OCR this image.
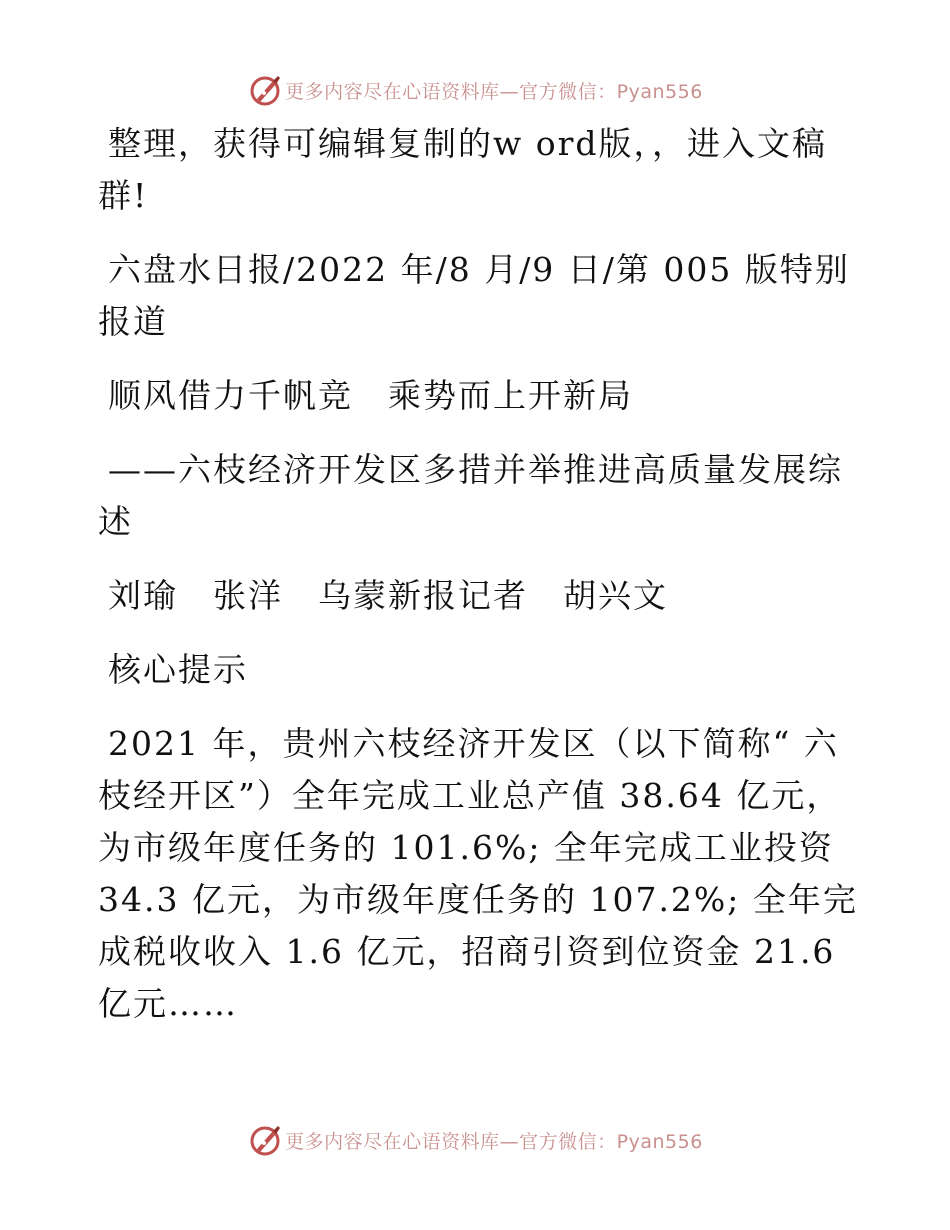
更多内容尽在心语资料库—官方微信：Pyan556

整理，获得可编辑复制的w ord版，，进入文稿群!

六盘水日报/2022 年/8 月/9 日/第 005 版特别报道

顺风借力千帆竞　乘势而上开新局

——六枝经济开发区多措并举推进高质量发展综述

刘瑜　张洋　乌蒙新报记者　胡兴文

核心提示

2021 年，贵州六枝经济开发区（以下简称“ 六枝经开区”）全年完成工业总产值 38.64 亿元，为市级年度任务的 101.6%; 全年完成工业投资 34.3 亿元，为市级年度任务的 107.2%; 全年完成税收收入 1.6 亿元，招商引资到位资金 21.6 亿元……

更多内容尽在心语资料库—官方微信：Pyan556
